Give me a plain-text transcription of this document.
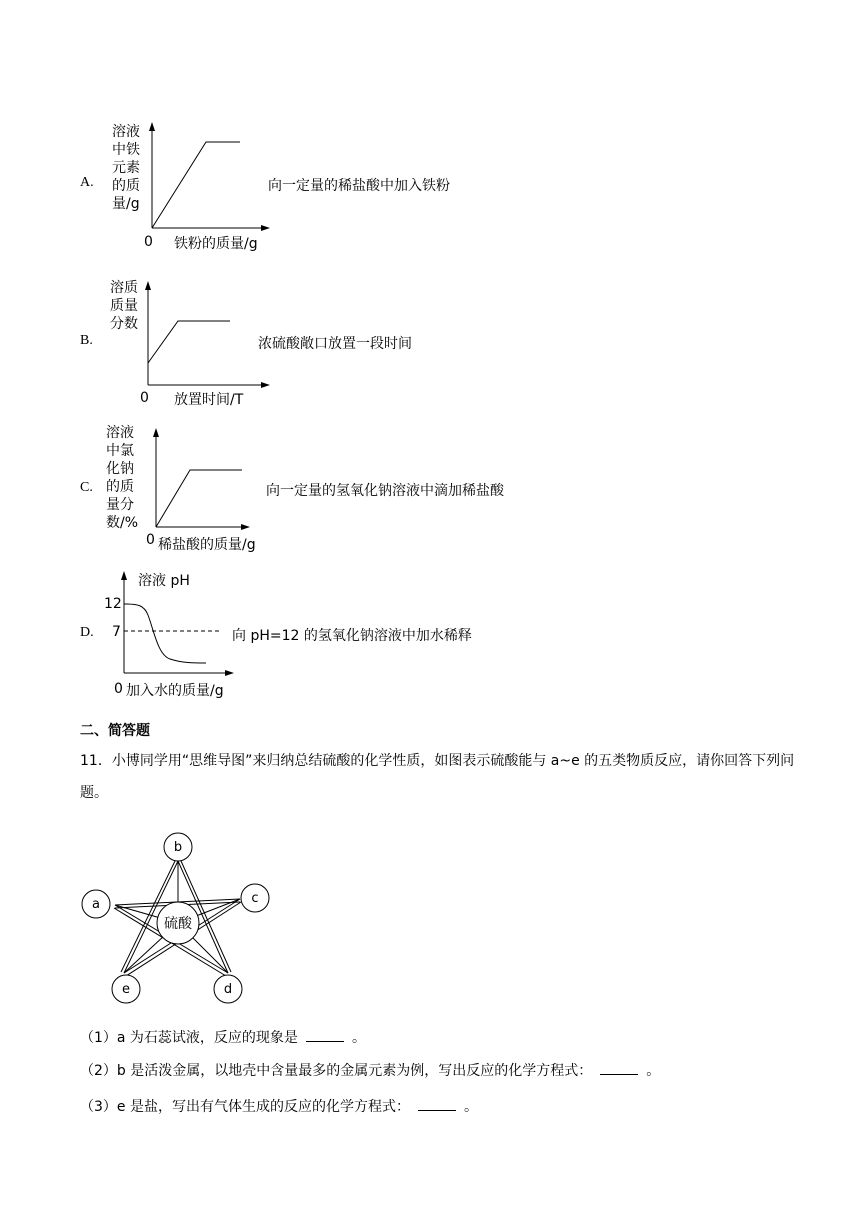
A.
溶液
中铁
元素
的质
量/g
0 铁粉的质量/g
向一定量的稀盐酸中加入铁粉
B.
溶质
质量
分数
0 放置时间/T
浓硫酸敞口放置一段时间
C.
溶液
中氯
化钠
的质
量分
数/%
0 稀盐酸的质量/g
向一定量的氢氧化钠溶液中滴加稀盐酸
D.
溶液 pH
12
7
0 加入水的质量/g
向 pH=12 的氢氧化钠溶液中加水稀释
二、简答题
11．小博同学用“思维导图”来归纳总结硫酸的化学性质，如图表示硫酸能与 a~e 的五类物质反应，请你回答下列问题。
b
a	c
e	d
硫酸
（1）a 为石蕊试液，反应的现象是	。
（2）b 是活泼金属，以地壳中含量最多的金属元素为例，写出反应的化学方程式：	。
（3）e 是盐，写出有气体生成的反应的化学方程式：	。
